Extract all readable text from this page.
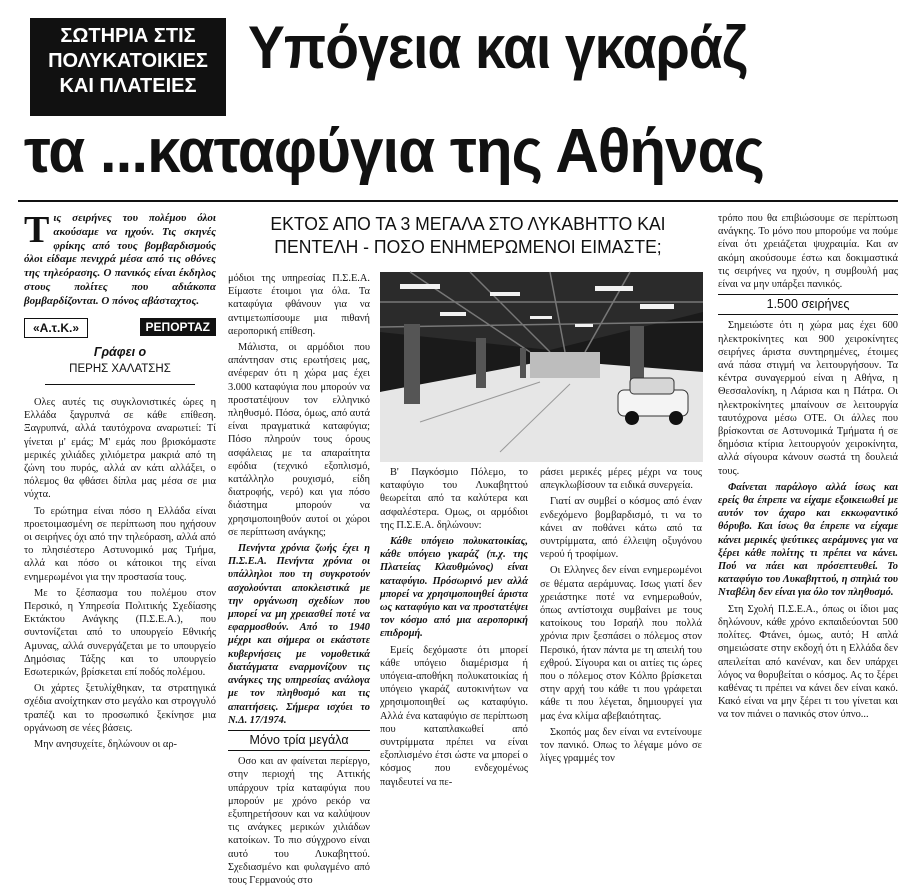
ΣΩΤΗΡΙΑ ΣΤΙΣ
ΠΟΛΥΚΑΤΟΙΚΙΕΣ
ΚΑΙ ΠΛΑΤΕΙΕΣ
Υπόγεια και γκαράζ
τα ...καταφύγια της Αθήνας
Τ ις σειρήνες του πολέμου όλοι ακούσαμε να ηχούν. Τις σκηνές φρίκης από τους βομβαρδισμούς όλοι είδαμε πενιχρά μέσα από τις οθόνες της τηλεόρασης. Ο πανικός είναι έκδηλος στους πολίτες που αδιάκοπα βομβαρδίζονται. Ο πόνος αβάσταχτος.
«Α.τ.Κ.»	ΡΕΠΟΡΤΑΖ
Γράφει ο
ΠΕΡΗΣ ΧΑΛΑΤΣΗΣ

Ολες αυτές τις συγκλονιστικές ώρες η Ελλάδα ξαγρυπνά σε κάθε επίθεση. Ξαγρυπνά, αλλά ταυτόχρονα αναρωτιεί: Τί γίνεται μ' εμάς; Μ' εμάς που βρισκόμαστε μερικές χιλιάδες χιλιόμετρα μακριά από τη ζώνη του πυρός, αλλά αν κάτι αλλάξει, ο πόλεμος θα φθάσει δίπλα μας μέσα σε μια νύχτα.

Το ερώτημα είναι πόσο η Ελλάδα είναι προετοιμασμένη σε περίπτωση που ηχήσουν οι σειρήνες όχι από την τηλεόραση, αλλά από το πλησιέστερο Αστυνομικό μας Τμήμα, αλλά και πόσο οι κάτοικοι της είναι ενημερωμένοι για την προστασία τους.

Με το ξέσπασμα του πολέμου στον Περσικό, η Υπηρεσία Πολιτικής Σχεδίασης Εκτάκτου Ανάγκης (Π.Σ.Ε.Α.), που συντονίζεται από το υπουργείο Εθνικής Αμυνας, αλλά συνεργάζεται με το υπουργείο Δημόσιας Τάξης και το υπουργείο Εσωτερικών, βρίσκεται επί ποδός πολέμου.

Οι χάρτες ξετυλίχθηκαν, τα στρατηγικά σχέδια ανοίχτηκαν στο μεγάλο και στρογγυλό τραπέζι και το προσωπικό ξεκίνησε μια οργάνωση σε νέες βάσεις.

Μην ανησυχείτε, δηλώνουν οι αρ-

ΕΚΤΟΣ ΑΠΟ ΤΑ 3 ΜΕΓΑΛΑ ΣΤΟ ΛΥΚΑΒΗΤΤΟ ΚΑΙ
ΠΕΝΤΕΛΗ - ΠΟΣΟ ΕΝΗΜΕΡΩΜΕΝΟΙ ΕΙΜΑΣΤΕ;

μόδιοι της υπηρεσίας Π.Σ.Ε.Α. Είμαστε έτοιμοι για όλα. Τα καταφύγια φθάνουν για να αντιμετωπίσουμε μια πιθανή αεροπορική επίθεση.

Μάλιστα, οι αρμόδιοι που απάντησαν στις ερωτήσεις μας, ανέφεραν ότι η χώρα μας έχει 3.000 καταφύγια που μπορούν να προστατέψουν τον ελληνικό πληθυσμό. Πόσα, όμως, από αυτά είναι πραγματικά καταφύγια; Πόσο πληρούν τους όρους ασφάλειας με τα απαραίτητα εφόδια (τεχνικό εξοπλισμό, κατάλληλο ρουχισμό, είδη διατροφής, νερό) και για πόσο διάστημα μπορούν να χρησιμοποιηθούν αυτοί οι χώροι σε περίπτωση ανάγκης;

Πενήντα χρόνια ζωής έχει η Π.Σ.Ε.Α. Πενήντα χρόνια οι υπάλληλοι που τη συγκροτούν ασχολούνται αποκλειστικά με την οργάνωση σχεδίων που μπορεί να μη χρειασθεί ποτέ να εφαρμοσθούν. Από το 1940 μέχρι και σήμερα οι εκάστοτε κυβερνήσεις με νομοθετικά διατάγματα εναρμονίζουν τις ανάγκες της υπηρεσίας ανάλογα με τον πληθυσμό και τις απαιτήσεις. Σήμερα ισχύει το Ν.Δ. 17/1974.

Μόνο τρία μεγάλα

Οσο και αν φαίνεται περίεργο, στην περιοχή της Αττικής υπάρχουν τρία καταφύγια που μπορούν με χρόνο ρεκόρ να εξυπηρετήσουν και να καλύψουν τις ανάγκες μερικών χιλιάδων κατοίκων. Το πιο σύγχρονο είναι αυτό του Λυκαβηττού. Σχεδιασμένο και φυλαγμένο από τους Γερμανούς στο

Β' Παγκόσμιο Πόλεμο, το καταφύγιο του Λυκαβηττού θεωρείται από τα καλύτερα και ασφαλέστερα. Ομως, οι αρμόδιοι της Π.Σ.Ε.Α. δηλώνουν:

Κάθε υπόγειο πολυκατοικίας, κάθε υπόγειο γκαράζ (π.χ. της Πλατείας Κλαυθμώνος) είναι καταφύγιο. Πρόσωρινό μεν αλλά μπορεί να χρησιμοποιηθεί άριστα ως καταφύγιο και να προστατέψει τον κόσμο από μια αεροπορική επιδρομή.

Εμείς δεχόμαστε ότι μπορεί κάθε υπόγειο διαμέρισμα ή υπόγεια-αποθήκη πολυκατοικίας ή υπόγειο γκαράζ αυτοκινήτων να χρησιμοποιηθεί ως καταφύγιο. Αλλά ένα καταφύγιο σε περίπτωση που καταπλακωθεί από συντρίμματα πρέπει να είναι εξοπλισμένο έτσι ώστε να μπορεί ο κόσμος που ενδεχομένως παγιδευτεί να πε-

ράσει μερικές μέρες μέχρι να τους απεγκλωβίσουν τα ειδικά συνεργεία.

Γιατί αν συμβεί ο κόσμος από έναν ενδεχόμενο βομβαρδισμό, τι να το κάνει αν ποθάνει κάτω από τα συντρίμματα, από έλλειψη οξυγόνου νερού ή τροφίμων.

Οι Ελληνες δεν είναι ενημερωμένοι σε θέματα αεράμυνας. Ισως γιατί δεν χρειάστηκε ποτέ να ενημερωθούν, όπως αντίστοιχα συμβαίνει με τους κατοίκους του Ισραήλ που πολλά χρόνια πριν ξεσπάσει ο πόλεμος στον Περσικό, ήταν πάντα με τη απειλή του εχθρού. Σίγουρα και οι αιτίες τις ώρες που ο πόλεμος στον Κόλπο βρίσκεται στην αρχή του κάθε τι που γράφεται κάθε τι που λέγεται, δημιουργεί για μας ένα κλίμα αβεβαιότητας.

Σκοπός μας δεν είναι να εντείνουμε τον πανικό. Οπως το λέγαμε μόνο σε λίγες γραμμές τον

τρόπο που θα επιβιώσουμε σε περίπτωση ανάγκης. Το μόνο που μπορούμε να πούμε είναι ότι χρειάζεται ψυχραιμία. Και αν ακόμη ακούσουμε έστω και δοκιμαστικά τις σειρήνες να ηχούν, η συμβουλή μας είναι να μην υπάρξει πανικός.

1.500 σειρήνες

Σημειώστε ότι η χώρα μας έχει 600 ηλεκτροκίνητες και 900 χειροκίνητες σειρήνες άριστα συντηρημένες, έτοιμες ανά πάσα στιγμή να λειτουργήσουν. Τα κέντρα συναγερμού είναι η Αθήνα, η Θεσσαλονίκη, η Λάρισα και η Πάτρα. Οι ηλεκτροκίνητες μπαίνουν σε λειτουργία ταυτόχρονα μέσω ΟΤΕ. Οι άλλες που βρίσκονται σε Αστυνομικά Τμήματα ή σε δημόσια κτίρια λειτουργούν χειροκίνητα, αλλά σίγουρα κάνουν σωστά τη δουλειά τους.

Φαίνεται παράλογο αλλά ίσως και ερείς θα έπρεπε να είχαμε εξοικειωθεί με αυτόν τον άχαρο και εκκωφαντικό θόρυβο. Και ίσως θα έπρεπε να είχαμε κάνει μερικές ψεύτικες αεράμυνες για να ξέρει κάθε πολίτης τι πρέπει να κάνει. Πού να πάει και πρόσεπτευθεί. Το καταφύγιο του Λυκαβηττού, η σπηλιά του Νταβέλη δεν είναι για όλο τον πληθυσμό.

Στη Σχολή Π.Σ.Ε.Α., όπως οι ίδιοι μας δηλώνουν, κάθε χρόνο εκπαιδεύονται 500 πολίτες. Φτάνει, όμως, αυτό; Η απλά σημειώσατε στην εκδοχή ότι η Ελλάδα δεν απειλείται από κανέναν, και δεν υπάρχει λόγος να θορυβείται ο κόσμος. Ας το ξέρει καθένας τι πρέπει να κάνει δεν είναι κακό. Κακό είναι να μην ξέρει τι του γίνεται και να τον πιάνει ο πανικός στον ύπνο...
